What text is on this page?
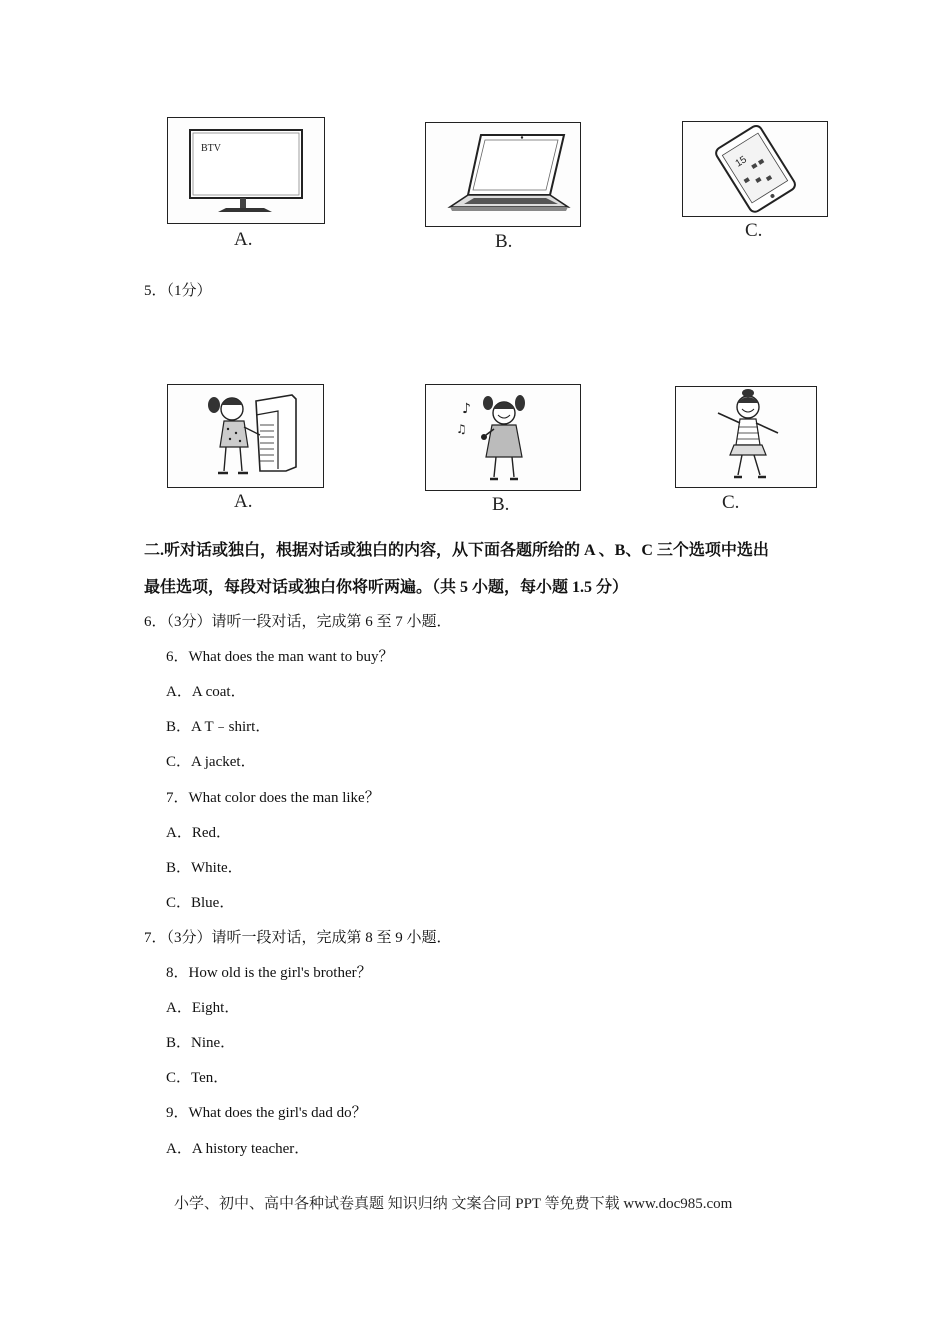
BTV
A.	B.
15
C.
5．（1分）
A.
♪
♫
B.	C.
二.听对话或独白，根据对话或独白的内容，从下面各题所给的 A 、B、C 三个选项中选出
最佳选项，每段对话或独白你将听两遍。（共 5 小题，每小题 1.5 分）
6．（3分）请听一段对话，完成第 6 至 7 小题．
6．What does the man want to buy？
A．A coat．
B．A T﹣shirt．
C．A jacket．
7．What color does the man like？
A．Red．
B．White．
C．Blue．
7．（3分）请听一段对话，完成第 8 至 9 小题．
8．How old is the girl's brother？
A．Eight．
B．Nine．
C．Ten．
9．What does the girl's dad do？
A．A history teacher．
小学、初中、高中各种试卷真题 知识归纳 文案合同 PPT 等免费下载 www.doc985.com
